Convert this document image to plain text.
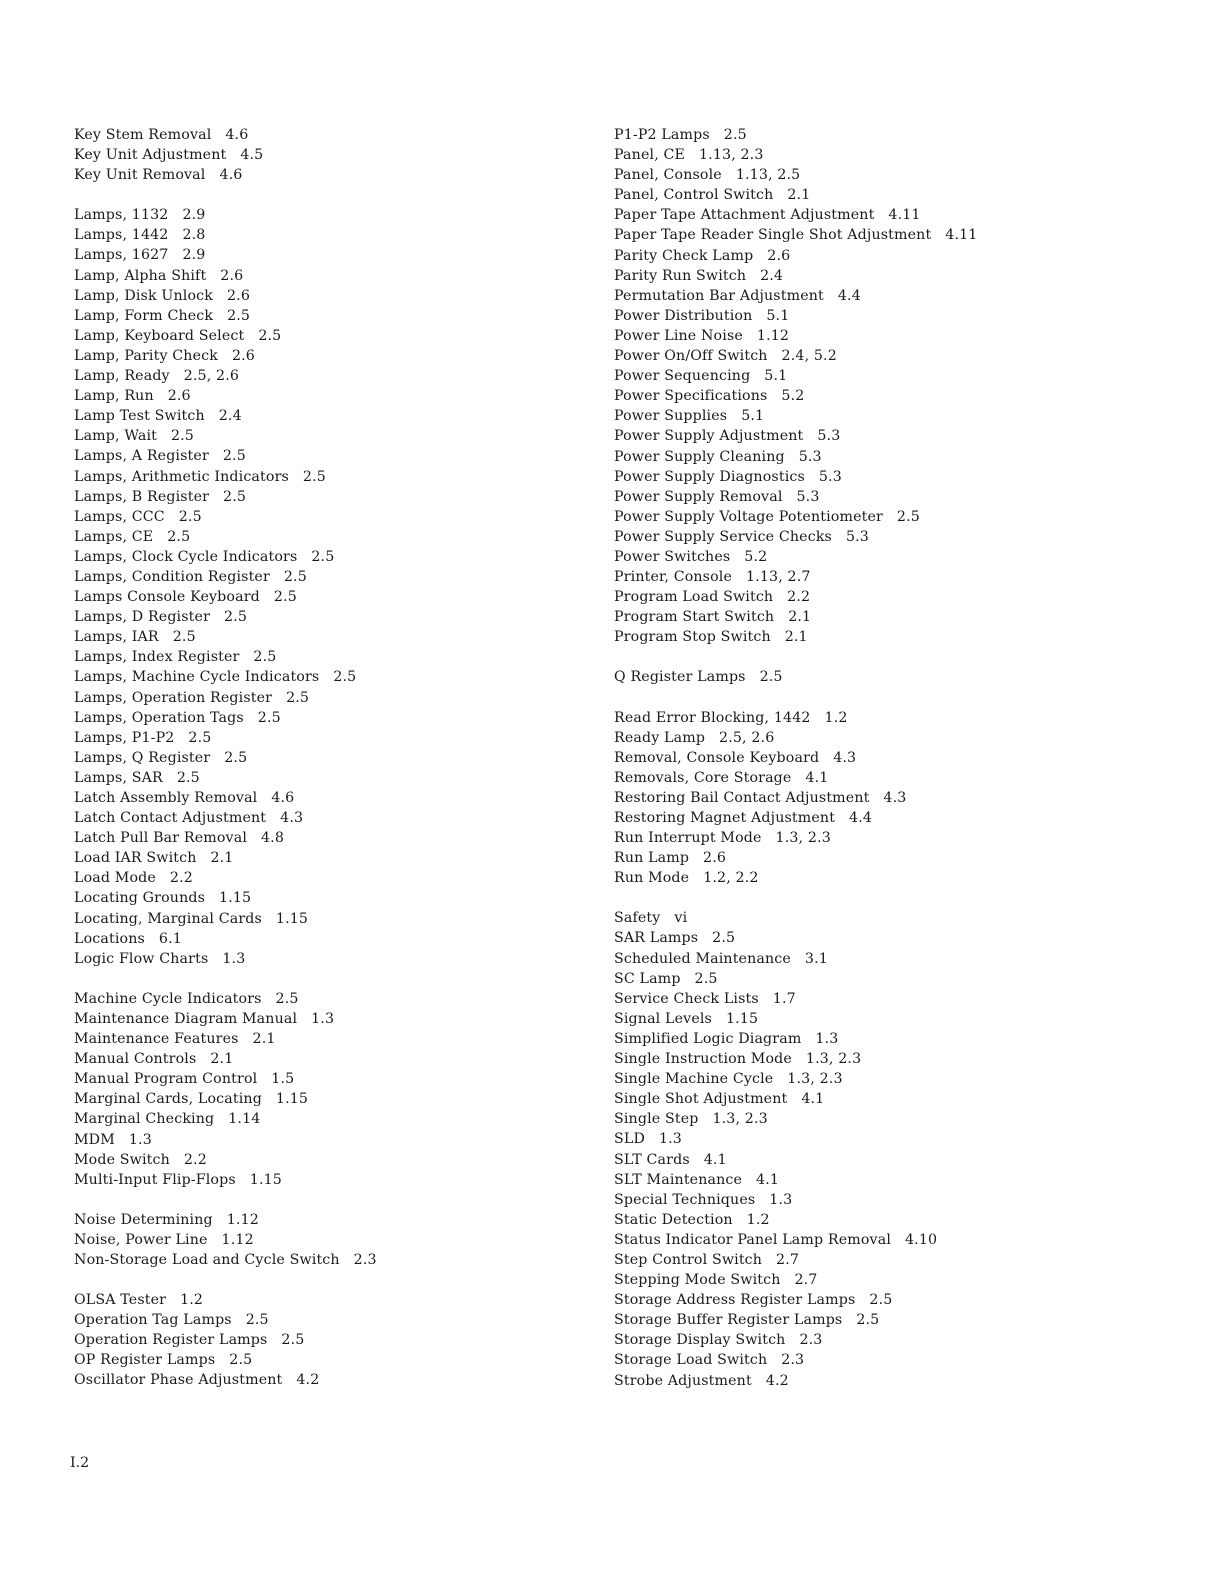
Key Stem Removal   4.6
Key Unit Adjustment   4.5
Key Unit Removal   4.6
Lamps, 1132   2.9
Lamps, 1442   2.8
Lamps, 1627   2.9
Lamp, Alpha Shift   2.6
Lamp, Disk Unlock   2.6
Lamp, Form Check   2.5
Lamp, Keyboard Select   2.5
Lamp, Parity Check   2.6
Lamp, Ready   2.5, 2.6
Lamp, Run   2.6
Lamp Test Switch   2.4
Lamp, Wait   2.5
Lamps, A Register   2.5
Lamps, Arithmetic Indicators   2.5
Lamps, B Register   2.5
Lamps, CCC   2.5
Lamps, CE   2.5
Lamps, Clock Cycle Indicators   2.5
Lamps, Condition Register   2.5
Lamps Console Keyboard   2.5
Lamps, D Register   2.5
Lamps, IAR   2.5
Lamps, Index Register   2.5
Lamps, Machine Cycle Indicators   2.5
Lamps, Operation Register   2.5
Lamps, Operation Tags   2.5
Lamps, P1-P2   2.5
Lamps, Q Register   2.5
Lamps, SAR   2.5
Latch Assembly Removal   4.6
Latch Contact Adjustment   4.3
Latch Pull Bar Removal   4.8
Load IAR Switch   2.1
Load Mode   2.2
Locating Grounds   1.15
Locating, Marginal Cards   1.15
Locations   6.1
Logic Flow Charts   1.3
Machine Cycle Indicators   2.5
Maintenance Diagram Manual   1.3
Maintenance Features   2.1
Manual Controls   2.1
Manual Program Control   1.5
Marginal Cards, Locating   1.15
Marginal Checking   1.14
MDM   1.3
Mode Switch   2.2
Multi-Input Flip-Flops   1.15
Noise Determining   1.12
Noise, Power Line   1.12
Non-Storage Load and Cycle Switch   2.3
OLSA Tester   1.2
Operation Tag Lamps   2.5
Operation Register Lamps   2.5
OP Register Lamps   2.5
Oscillator Phase Adjustment   4.2
P1-P2 Lamps   2.5
Panel, CE   1.13, 2.3
Panel, Console   1.13, 2.5
Panel, Control Switch   2.1
Paper Tape Attachment Adjustment   4.11
Paper Tape Reader Single Shot Adjustment   4.11
Parity Check Lamp   2.6
Parity Run Switch   2.4
Permutation Bar Adjustment   4.4
Power Distribution   5.1
Power Line Noise   1.12
Power On/Off Switch   2.4, 5.2
Power Sequencing   5.1
Power Specifications   5.2
Power Supplies   5.1
Power Supply Adjustment   5.3
Power Supply Cleaning   5.3
Power Supply Diagnostics   5.3
Power Supply Removal   5.3
Power Supply Voltage Potentiometer   2.5
Power Supply Service Checks   5.3
Power Switches   5.2
Printer, Console   1.13, 2.7
Program Load Switch   2.2
Program Start Switch   2.1
Program Stop Switch   2.1
Q Register Lamps   2.5
Read Error Blocking, 1442   1.2
Ready Lamp   2.5, 2.6
Removal, Console Keyboard   4.3
Removals, Core Storage   4.1
Restoring Bail Contact Adjustment   4.3
Restoring Magnet Adjustment   4.4
Run Interrupt Mode   1.3, 2.3
Run Lamp   2.6
Run Mode   1.2, 2.2
Safety   vi
SAR Lamps   2.5
Scheduled Maintenance   3.1
SC Lamp   2.5
Service Check Lists   1.7
Signal Levels   1.15
Simplified Logic Diagram   1.3
Single Instruction Mode   1.3, 2.3
Single Machine Cycle   1.3, 2.3
Single Shot Adjustment   4.1
Single Step   1.3, 2.3
SLD   1.3
SLT Cards   4.1
SLT Maintenance   4.1
Special Techniques   1.3
Static Detection   1.2
Status Indicator Panel Lamp Removal   4.10
Step Control Switch   2.7
Stepping Mode Switch   2.7
Storage Address Register Lamps   2.5
Storage Buffer Register Lamps   2.5
Storage Display Switch   2.3
Storage Load Switch   2.3
Strobe Adjustment   4.2
I.2
